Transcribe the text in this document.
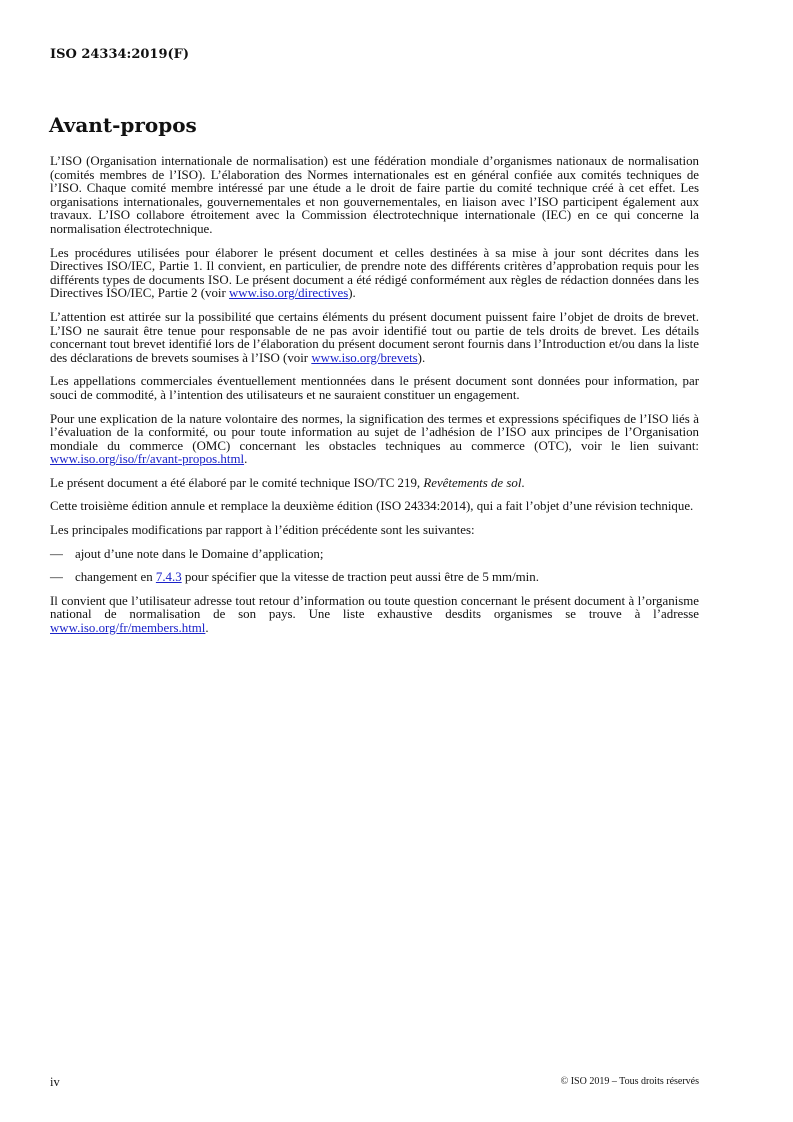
ISO 24334:2019(F)

Avant-propos

L’ISO (Organisation internationale de normalisation) est une fédération mondiale d’organismes nationaux de normalisation (comités membres de l’ISO). L’élaboration des Normes internationales est en général confiée aux comités techniques de l’ISO. Chaque comité membre intéressé par une étude a le droit de faire partie du comité technique créé à cet effet. Les organisations internationales, gouvernementales et non gouvernementales, en liaison avec l’ISO participent également aux travaux. L’ISO collabore étroitement avec la Commission électrotechnique internationale (IEC) en ce qui concerne la normalisation électrotechnique.

Les procédures utilisées pour élaborer le présent document et celles destinées à sa mise à jour sont décrites dans les Directives ISO/IEC, Partie 1. Il convient, en particulier, de prendre note des différents critères d’approbation requis pour les différents types de documents ISO. Le présent document a été rédigé conformément aux règles de rédaction données dans les Directives ISO/IEC, Partie 2 (voir www.iso.org/directives).

L’attention est attirée sur la possibilité que certains éléments du présent document puissent faire l’objet de droits de brevet. L’ISO ne saurait être tenue pour responsable de ne pas avoir identifié tout ou partie de tels droits de brevet. Les détails concernant tout brevet identifié lors de l’élaboration du présent document seront fournis dans l’Introduction et/ou dans la liste des déclarations de brevets soumises à l’ISO (voir www.iso.org/brevets).

Les appellations commerciales éventuellement mentionnées dans le présent document sont données pour information, par souci de commodité, à l’intention des utilisateurs et ne sauraient constituer un engagement.

Pour une explication de la nature volontaire des normes, la signification des termes et expressions spécifiques de l’ISO liés à l’évaluation de la conformité, ou pour toute information au sujet de l’adhésion de l’ISO aux principes de l’Organisation mondiale du commerce (OMC) concernant les obstacles techniques au commerce (OTC), voir le lien suivant: www.iso.org/iso/fr/avant-propos.html.

Le présent document a été élaboré par le comité technique ISO/TC 219, Revêtements de sol.

Cette troisième édition annule et remplace la deuxième édition (ISO 24334:2014), qui a fait l’objet d’une révision technique.

Les principales modifications par rapport à l’édition précédente sont les suivantes:

— ajout d’une note dans le Domaine d’application;

— changement en 7.4.3 pour spécifier que la vitesse de traction peut aussi être de 5 mm/min.

Il convient que l’utilisateur adresse tout retour d’information ou toute question concernant le présent document à l’organisme national de normalisation de son pays. Une liste exhaustive desdits organismes se trouve à l’adresse www.iso.org/fr/members.html.

iv	© ISO 2019 – Tous droits réservés
